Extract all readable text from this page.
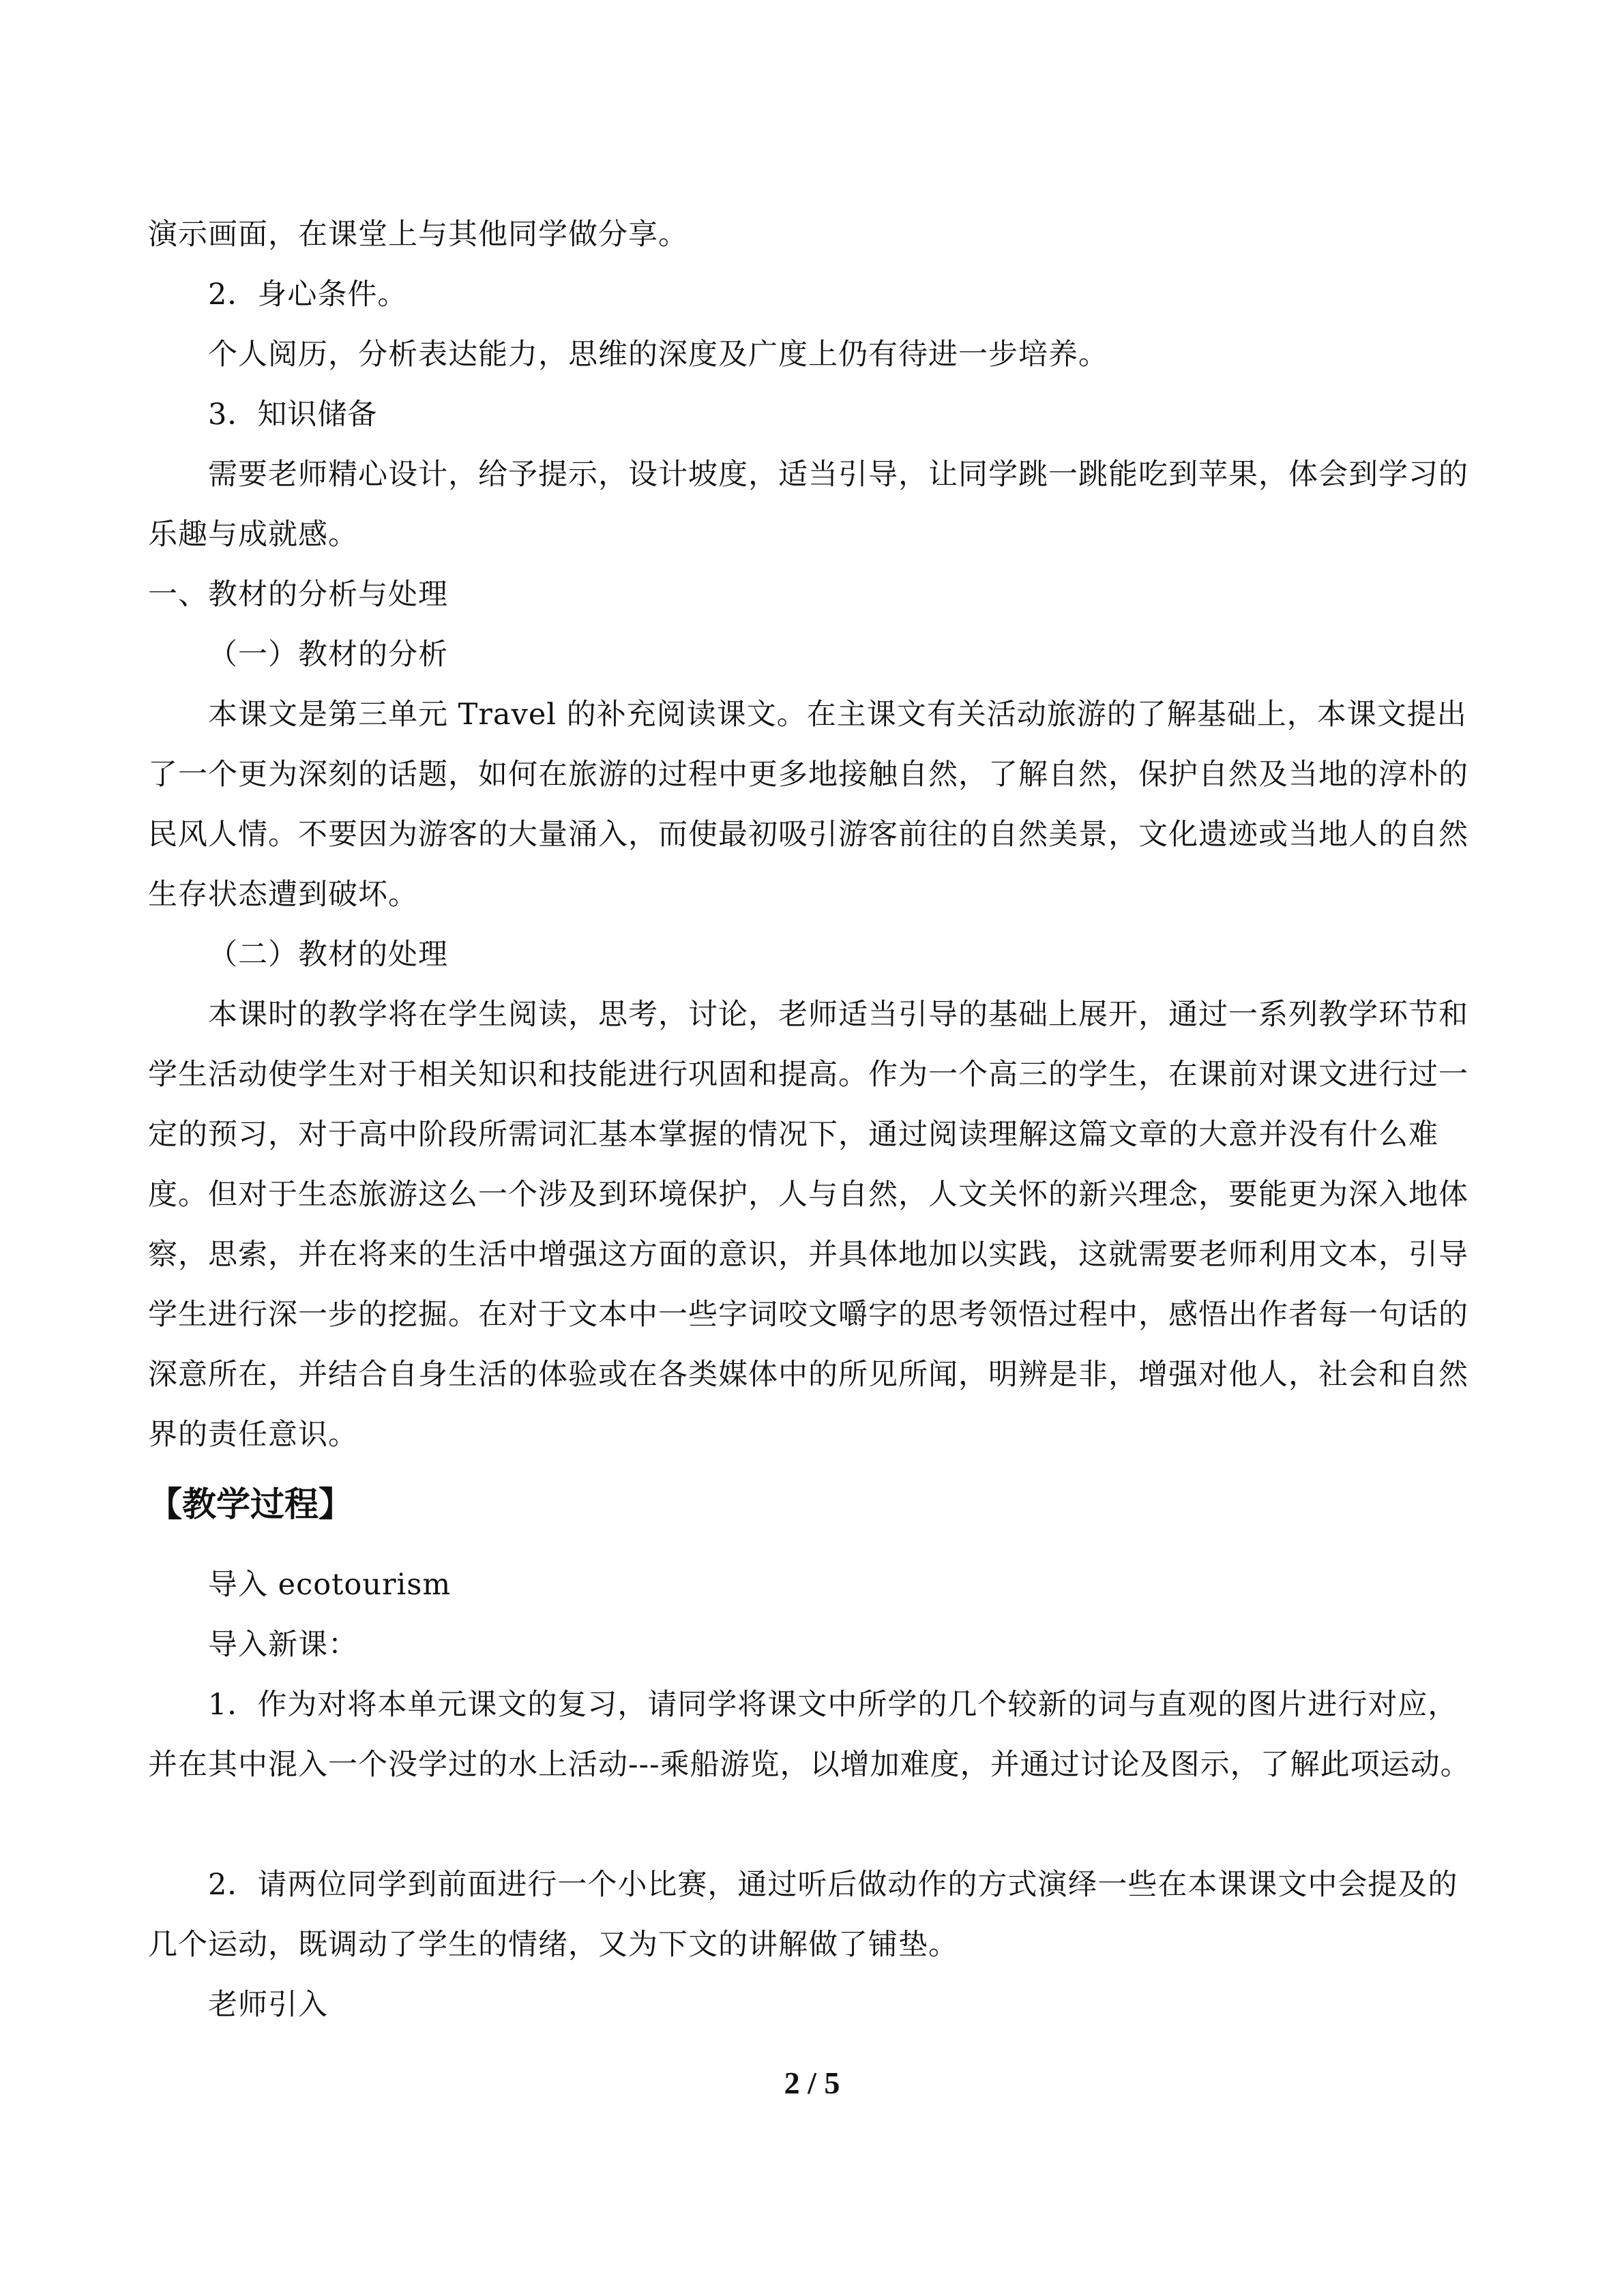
演示画面，在课堂上与其他同学做分享。
2．身心条件。
个人阅历，分析表达能力，思维的深度及广度上仍有待进一步培养。
3．知识储备
需要老师精心设计，给予提示，设计坡度，适当引导，让同学跳一跳能吃到苹果，体会到学习的乐趣与成就感。
一、教材的分析与处理
（一）教材的分析
本课文是第三单元 Travel 的补充阅读课文。在主课文有关活动旅游的了解基础上，本课文提出了一个更为深刻的话题，如何在旅游的过程中更多地接触自然，了解自然，保护自然及当地的淳朴的民风人情。不要因为游客的大量涌入，而使最初吸引游客前往的自然美景，文化遗迹或当地人的自然生存状态遭到破坏。
（二）教材的处理
本课时的教学将在学生阅读，思考，讨论，老师适当引导的基础上展开，通过一系列教学环节和学生活动使学生对于相关知识和技能进行巩固和提高。作为一个高三的学生，在课前对课文进行过一定的预习，对于高中阶段所需词汇基本掌握的情况下，通过阅读理解这篇文章的大意并没有什么难度。但对于生态旅游这么一个涉及到环境保护，人与自然，人文关怀的新兴理念，要能更为深入地体察，思索，并在将来的生活中增强这方面的意识，并具体地加以实践，这就需要老师利用文本，引导学生进行深一步的挖掘。在对于文本中一些字词咬文嚼字的思考领悟过程中，感悟出作者每一句话的深意所在，并结合自身生活的体验或在各类媒体中的所见所闻，明辨是非，增强对他人，社会和自然界的责任意识。
【教学过程】
导入 ecotourism
导入新课：
1．作为对将本单元课文的复习，请同学将课文中所学的几个较新的词与直观的图片进行对应，并在其中混入一个没学过的水上活动---乘船游览，以增加难度，并通过讨论及图示，了解此项运动。
2．请两位同学到前面进行一个小比赛，通过听后做动作的方式演绎一些在本课课文中会提及的几个运动，既调动了学生的情绪，又为下文的讲解做了铺垫。
老师引入
2 / 5
